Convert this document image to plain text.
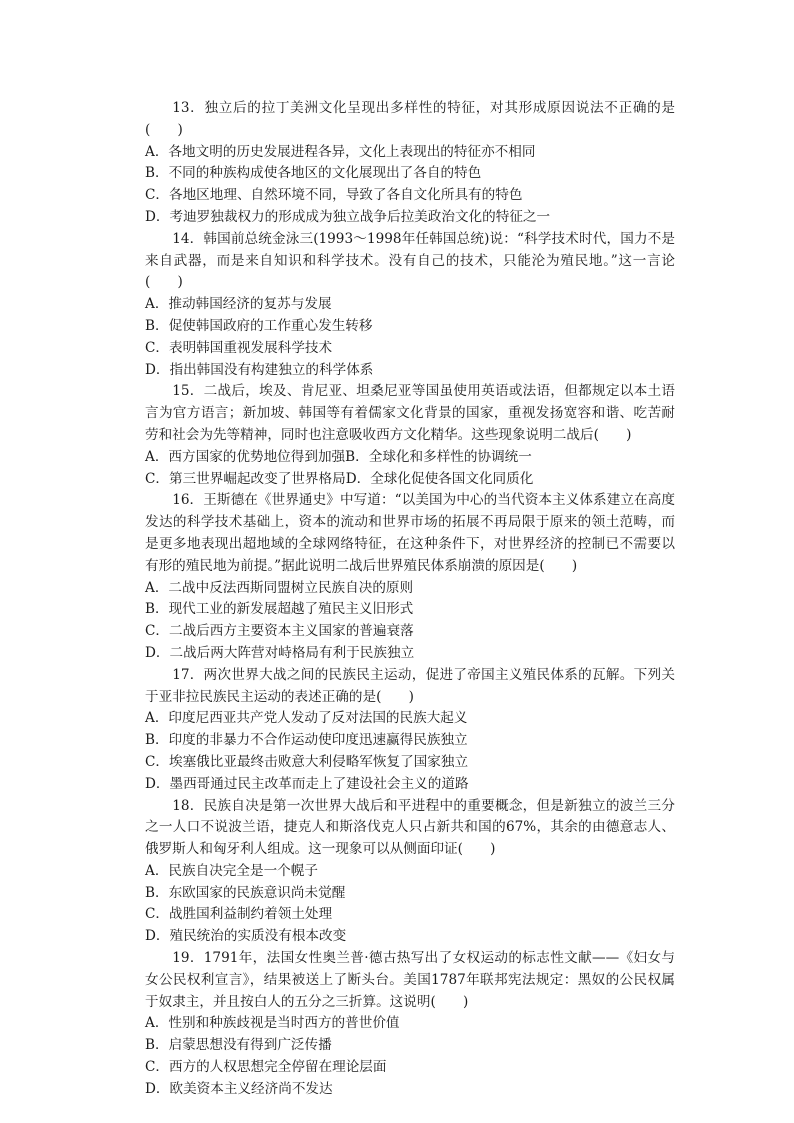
13．独立后的拉丁美洲文化呈现出多样性的特征，对其形成原因说法不正确的是(　　)

A．各地文明的历史发展进程各异，文化上表现出的特征亦不相同

B．不同的种族构成使各地区的文化展现出了各自的特色

C．各地区地理、自然环境不同，导致了各自文化所具有的特色

D．考迪罗独裁权力的形成成为独立战争后拉美政治文化的特征之一

14．韩国前总统金泳三(1993～1998年任韩国总统)说：“科学技术时代，国力不是来自武器，而是来自知识和科学技术。没有自己的技术，只能沦为殖民地。”这一言论(　　)

A．推动韩国经济的复苏与发展

B．促使韩国政府的工作重心发生转移

C．表明韩国重视发展科学技术

D．指出韩国没有构建独立的科学体系

15．二战后，埃及、肯尼亚、坦桑尼亚等国虽使用英语或法语，但都规定以本土语言为官方语言；新加坡、韩国等有着儒家文化背景的国家，重视发扬宽容和谐、吃苦耐劳和社会为先等精神，同时也注意吸收西方文化精华。这些现象说明二战后(　　)

A．西方国家的优势地位得到加强 B．全球化和多样性的协调统一
C．第三世界崛起改变了世界格局 D．全球化促使各国文化同质化

16．王斯德在《世界通史》中写道：“以美国为中心的当代资本主义体系建立在高度发达的科学技术基础上，资本的流动和世界市场的拓展不再局限于原来的领土范畴，而是更多地表现出超地域的全球网络特征，在这种条件下，对世界经济的控制已不需要以有形的殖民地为前提。”据此说明二战后世界殖民体系崩溃的原因是(　　)

A．二战中反法西斯同盟树立民族自决的原则

B．现代工业的新发展超越了殖民主义旧形式

C．二战后西方主要资本主义国家的普遍衰落

D．二战后两大阵营对峙格局有利于民族独立

17．两次世界大战之间的民族民主运动，促进了帝国主义殖民体系的瓦解。下列关于亚非拉民族民主运动的表述正确的是(　　)

A．印度尼西亚共产党人发动了反对法国的民族大起义

B．印度的非暴力不合作运动使印度迅速赢得民族独立

C．埃塞俄比亚最终击败意大利侵略军恢复了国家独立

D．墨西哥通过民主改革而走上了建设社会主义的道路

18．民族自决是第一次世界大战后和平进程中的重要概念，但是新独立的波兰三分之一人口不说波兰语，捷克人和斯洛伐克人只占新共和国的67%，其余的由德意志人、俄罗斯人和匈牙利人组成。这一现象可以从侧面印证(　　)

A．民族自决完全是一个幌子

B．东欧国家的民族意识尚未觉醒

C．战胜国利益制约着领土处理

D．殖民统治的实质没有根本改变

19．1791年，法国女性奥兰普·德古热写出了女权运动的标志性文献——《妇女与女公民权利宣言》，结果被送上了断头台。美国1787年联邦宪法规定：黑奴的公民权属于奴隶主，并且按白人的五分之三折算。这说明(　　)

A．性别和种族歧视是当时西方的普世价值

B．启蒙思想没有得到广泛传播

C．西方的人权思想完全停留在理论层面

D．欧美资本主义经济尚不发达
